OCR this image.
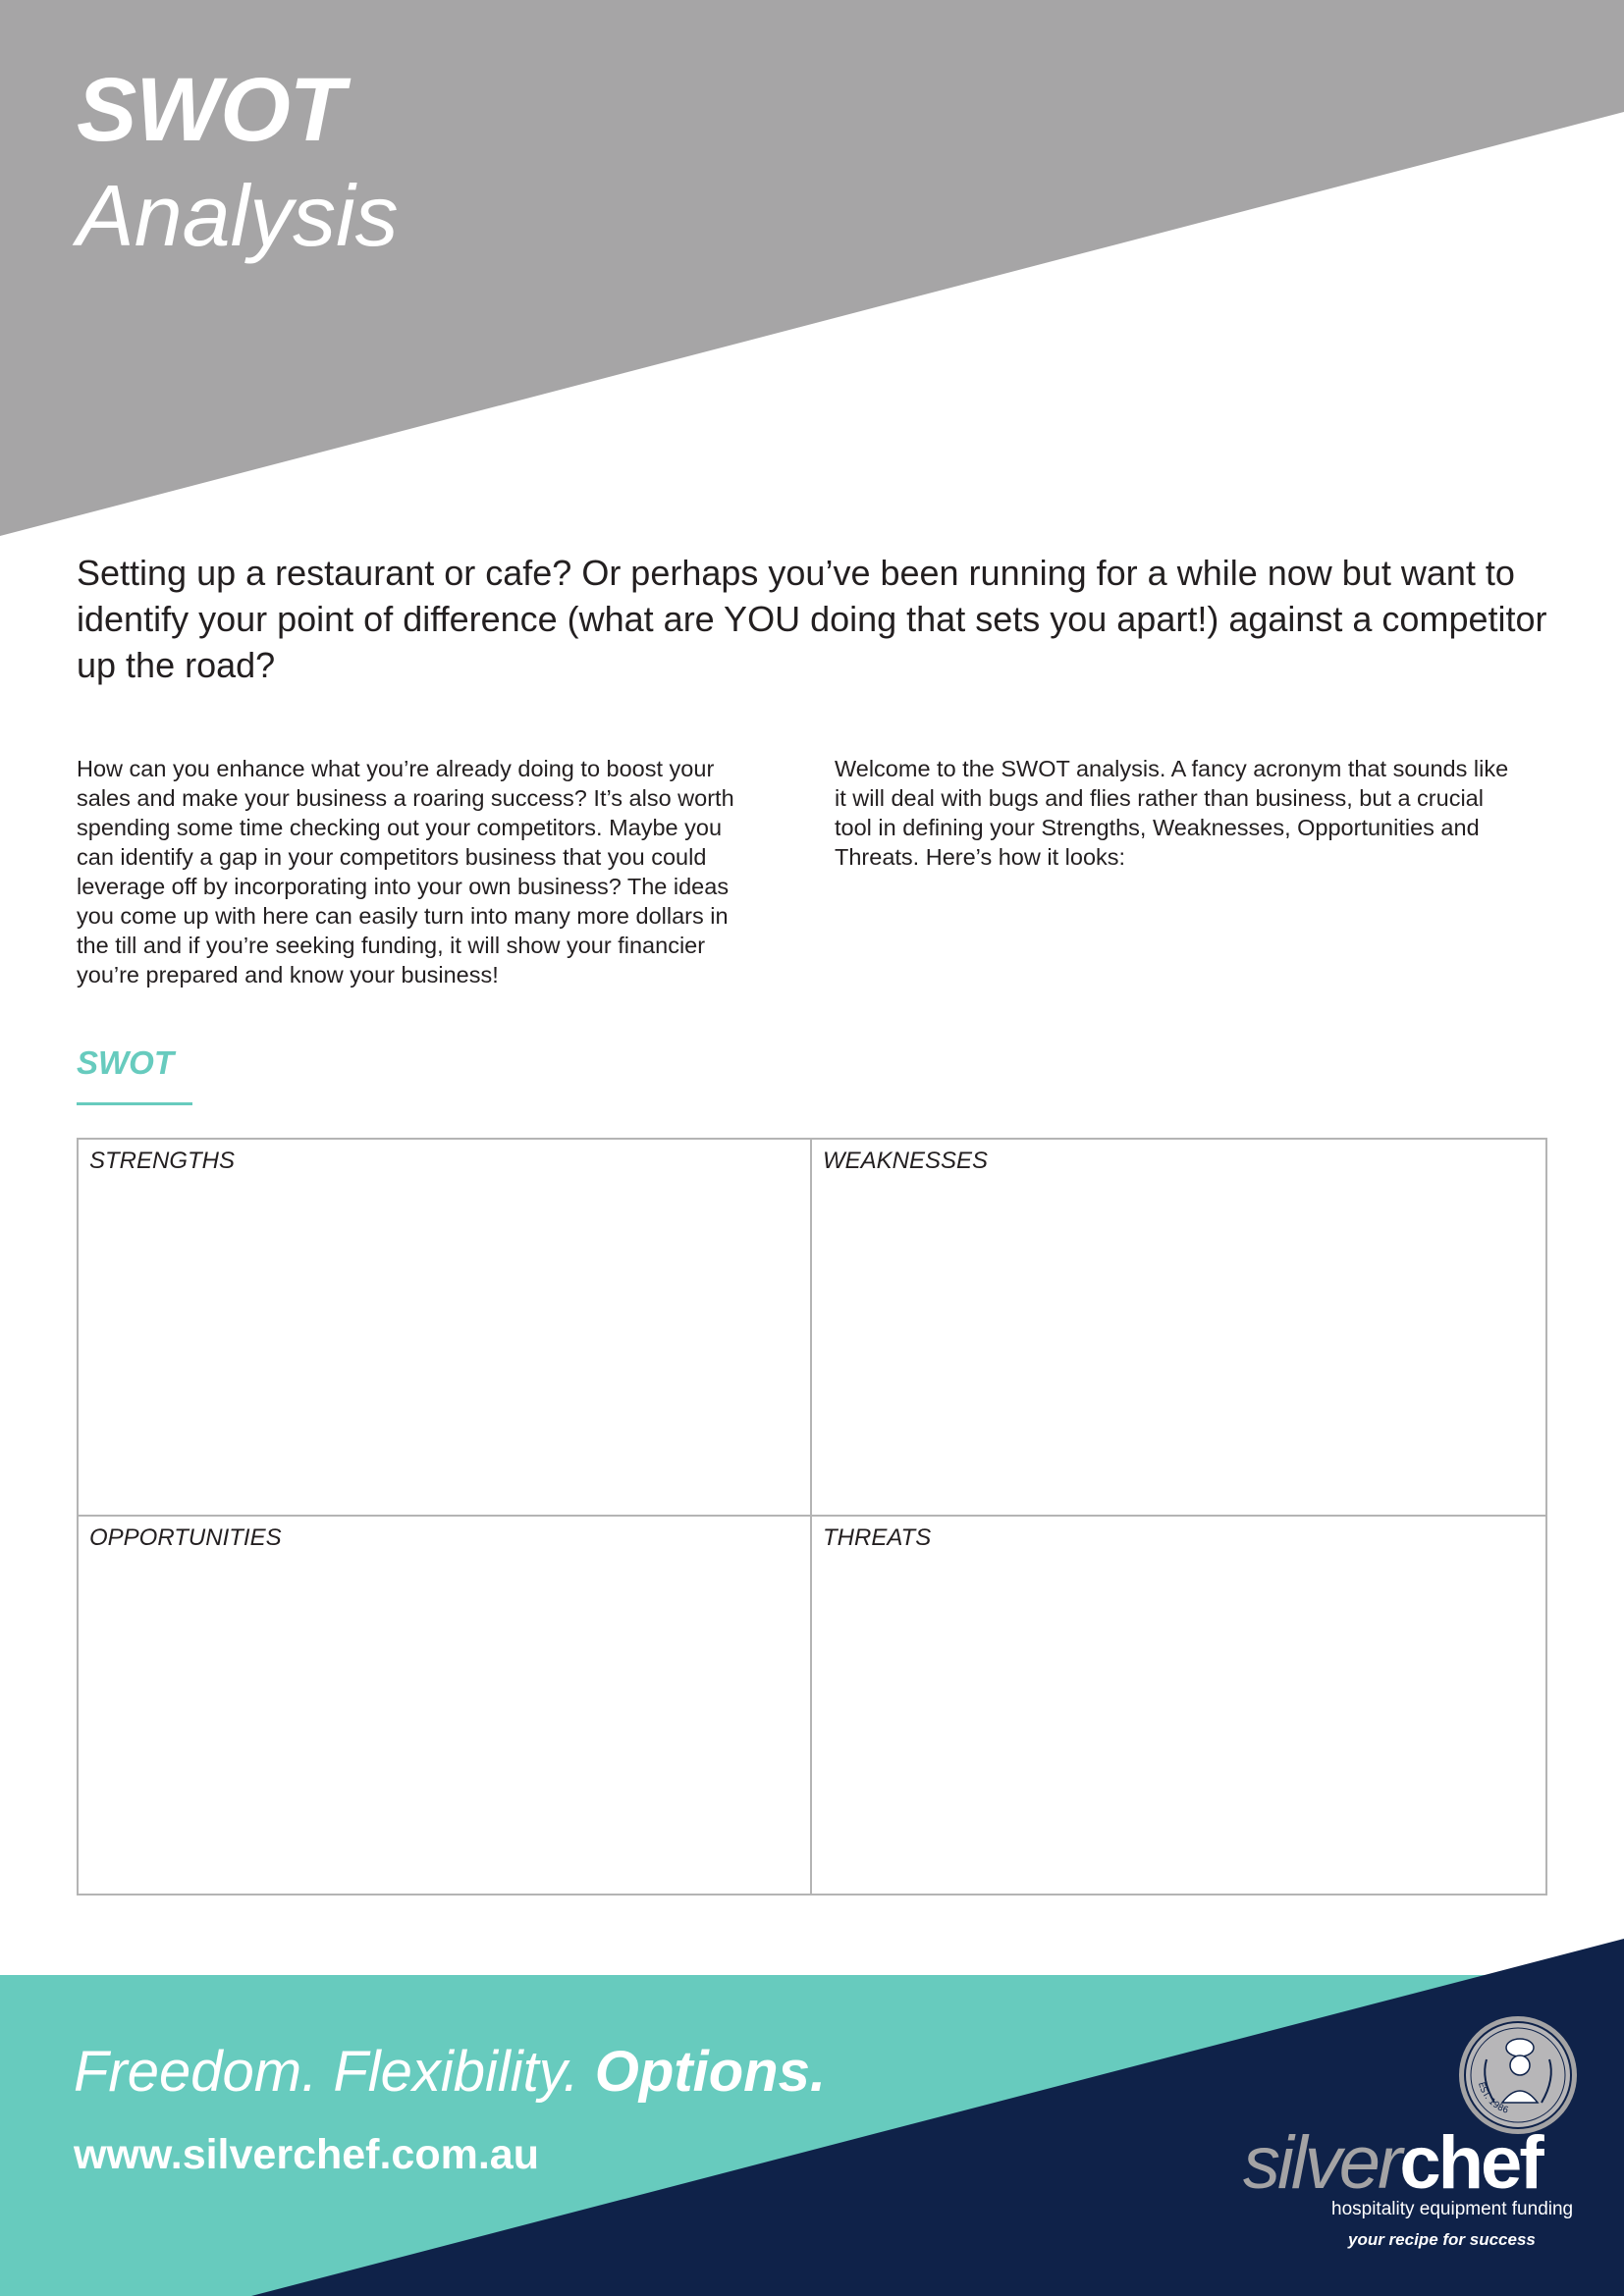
SWOT
Analysis
Setting up a restaurant or cafe? Or perhaps you’ve been running for a while now but want to identify your point of difference (what are YOU doing that sets you apart!) against a competitor up the road?
How can you enhance what you’re already doing to boost your sales and make your business a roaring success? It’s also worth spending some time checking out your competitors. Maybe you can identify a gap in your competitors business that you could leverage off by incorporating into your own business? The ideas you come up with here can easily turn into many more dollars in the till and if you’re seeking funding, it will show your financier you’re prepared and know your business!
Welcome to the SWOT analysis. A fancy acronym that sounds like it will deal with bugs and flies rather than business, but a crucial tool in defining your Strengths, Weaknesses, Opportunities and Threats. Here’s how it looks:
SWOT
STRENGTHS	WEAKNESSES
OPPORTUNITIES	THREATS
Freedom. Flexibility. Options.
www.silverchef.com.au
EST. 1986
silverchef
hospitality equipment funding
your recipe for success
